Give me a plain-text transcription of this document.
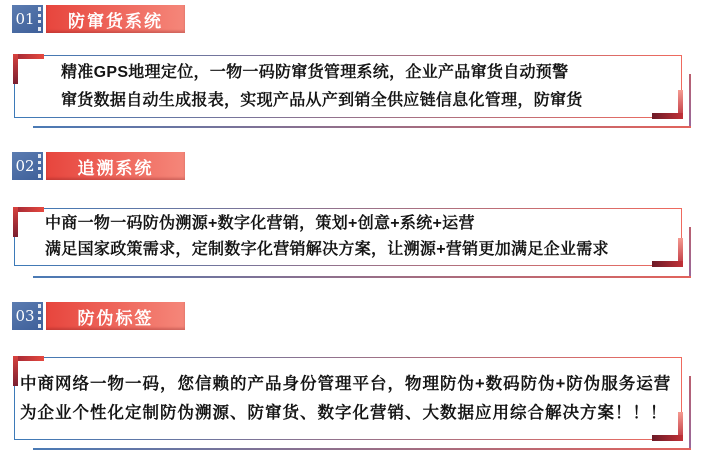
01 防窜货系统
精准GPS地理定位，一物一码防窜货管理系统，企业产品窜货自动预警
窜货数据自动生成报表，实现产品从产到销全供应链信息化管理，防窜货
02	追溯系统
中商一物一码防伪溯源+数字化营销，策划+创意+系统+运营
满足国家政策需求，定制数字化营销解决方案，让溯源+营销更加满足企业需求
03	防伪标签
中商网络一物一码，您信赖的产品身份管理平台，物理防伪+数码防伪+防伪服务运营
为企业个性化定制防伪溯源、防窜货、数字化营销、大数据应用综合解决方案！！！
